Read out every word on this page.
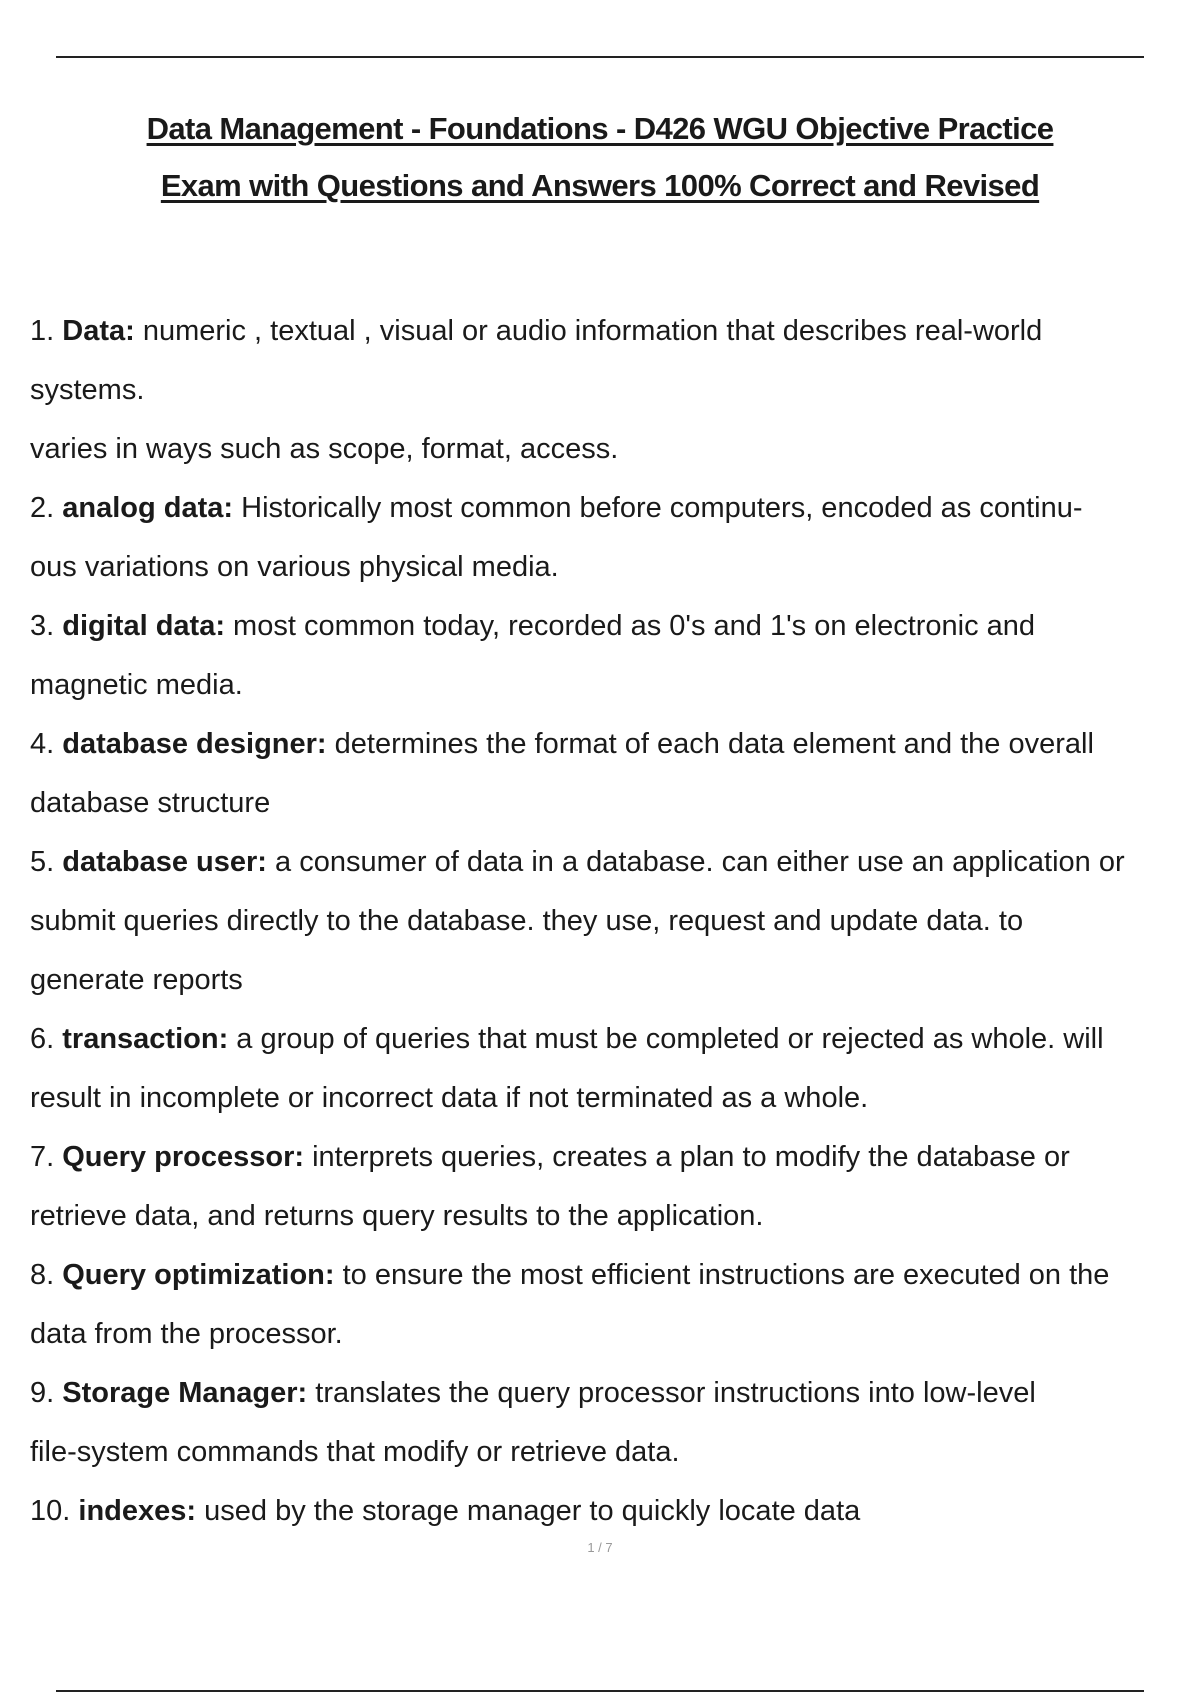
Data Management - Foundations - D426 WGU Objective Practice
Exam with Questions and Answers 100% Correct and Revised
1. Data: numeric , textual , visual or audio information that describes real-world
systems.
varies in ways such as scope, format, access.
2. analog data: Historically most common before computers, encoded as continu-
ous variations on various physical media.
3. digital data: most common today, recorded as 0's and 1's on electronic and
magnetic media.
4. database designer: determines the format of each data element and the overall
database structure
5. database user: a consumer of data in a database. can either use an application or
submit queries directly to the database. they use, request and update data. to
generate reports
6. transaction: a group of queries that must be completed or rejected as whole. will
result in incomplete or incorrect data if not terminated as a whole.
7. Query processor: interprets queries, creates a plan to modify the database or
retrieve data, and returns query results to the application.
8. Query optimization: to ensure the most efficient instructions are executed on the
data from the processor.
9. Storage Manager: translates the query processor instructions into low-level
file-system commands that modify or retrieve data.
10. indexes: used by the storage manager to quickly locate data
1 / 7
